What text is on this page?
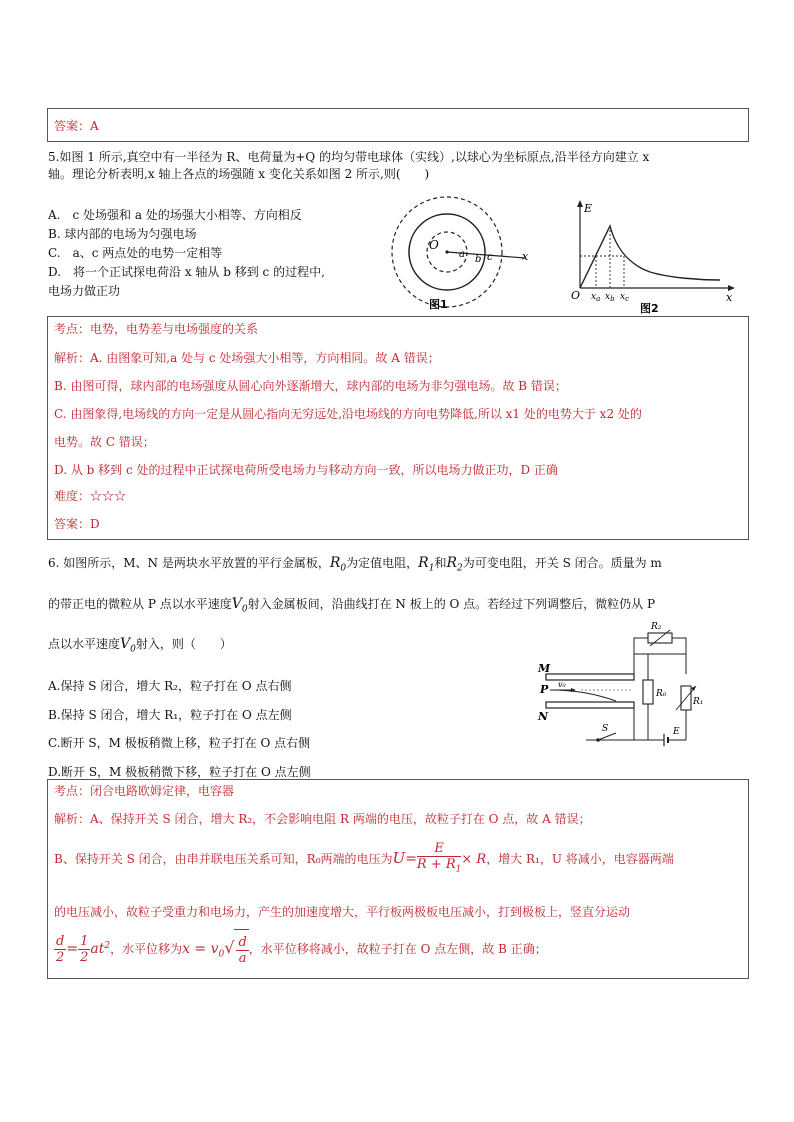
答案：A
5.如图 1 所示,真空中有一半径为 R、电荷量为+Q 的均匀带电球体（实线）,以球心为坐标原点,沿半径方向建立 x
轴。理论分析表明,x 轴上各点的场强随 x 变化关系如图 2 所示,则(　　)
A.　c 处场强和 a 处的场强大小相等、方向相反
B. 球内部的电场为匀强电场
C.　a、c 两点处的电势一定相等
D.　将一个正试探电荷沿 x 轴从 b 移到 c 的过程中,
电场力做正功
O
a b c	x
图1
E
O $x_a$ $x_b$ $x_c$	x
图2
考点：电势，电势差与电场强度的关系
解析：A. 由图象可知,a 处与 c 处场强大小相等，方向相同。故 A 错误；
B. 由图可得，球内部的电场强度从圆心向外逐渐增大，球内部的电场为非匀强电场。故 B 错误；
C. 由图象得,电场线的方向一定是从圆心指向无穷远处,沿电场线的方向电势降低,所以 x1 处的电势大于 x2 处的
电势。故 C 错误；
D. 从 b 移到 c 处的过程中正试探电荷所受电场力与移动方向一致，所以电场力做正功，D 正确
难度：☆☆☆
答案：D
6. 如图所示，M、N 是两块水平放置的平行金属板，$R_0$为定值电阻，$R_1$和$R_2$为可变电阻，开关 S 闭合。质量为 m
的带正电的微粒从 P 点以水平速度$V_0$射入金属板间，沿曲线打在 N 板上的 O 点。若经过下列调整后，微粒仍从 P
点以水平速度$V_0$射入，则（　　）
A.保持 S 闭合，增大 R₂，粒子打在 O 点右侧
B.保持 S 闭合，增大 R₁，粒子打在 O 点左侧
C.断开 S，M 极板稍微上移，粒子打在 O 点右侧
D.断开 S，M 极板稍微下移，粒子打在 O 点左侧
M
P
N
v₀
R₂
R₀
R₁
S	E
考点：闭合电路欧姆定律，电容器
解析：A、保持开关 S 闭合，增大 R₂，不会影响电阻 R 两端的电压，故粒子打在 O 点，故 A 错误；
B、保持开关 S 闭合，由串并联电压关系可知，R₀两端的电压为$U= \frac{E}{R + R_1} \times R$，增大 R₁，U 将减小，电容器两端
的电压减小，故粒子受重力和电场力，产生的加速度增大，平行板两极板电压减小，打到极板上，竖直分运动
$\frac{d}{2} = \frac{1}{2} at^2$，水平位移为$x = v_0√ \frac{d}{a}$ ，水平位移将减小，故粒子打在 O 点左侧，故 B 正确；
